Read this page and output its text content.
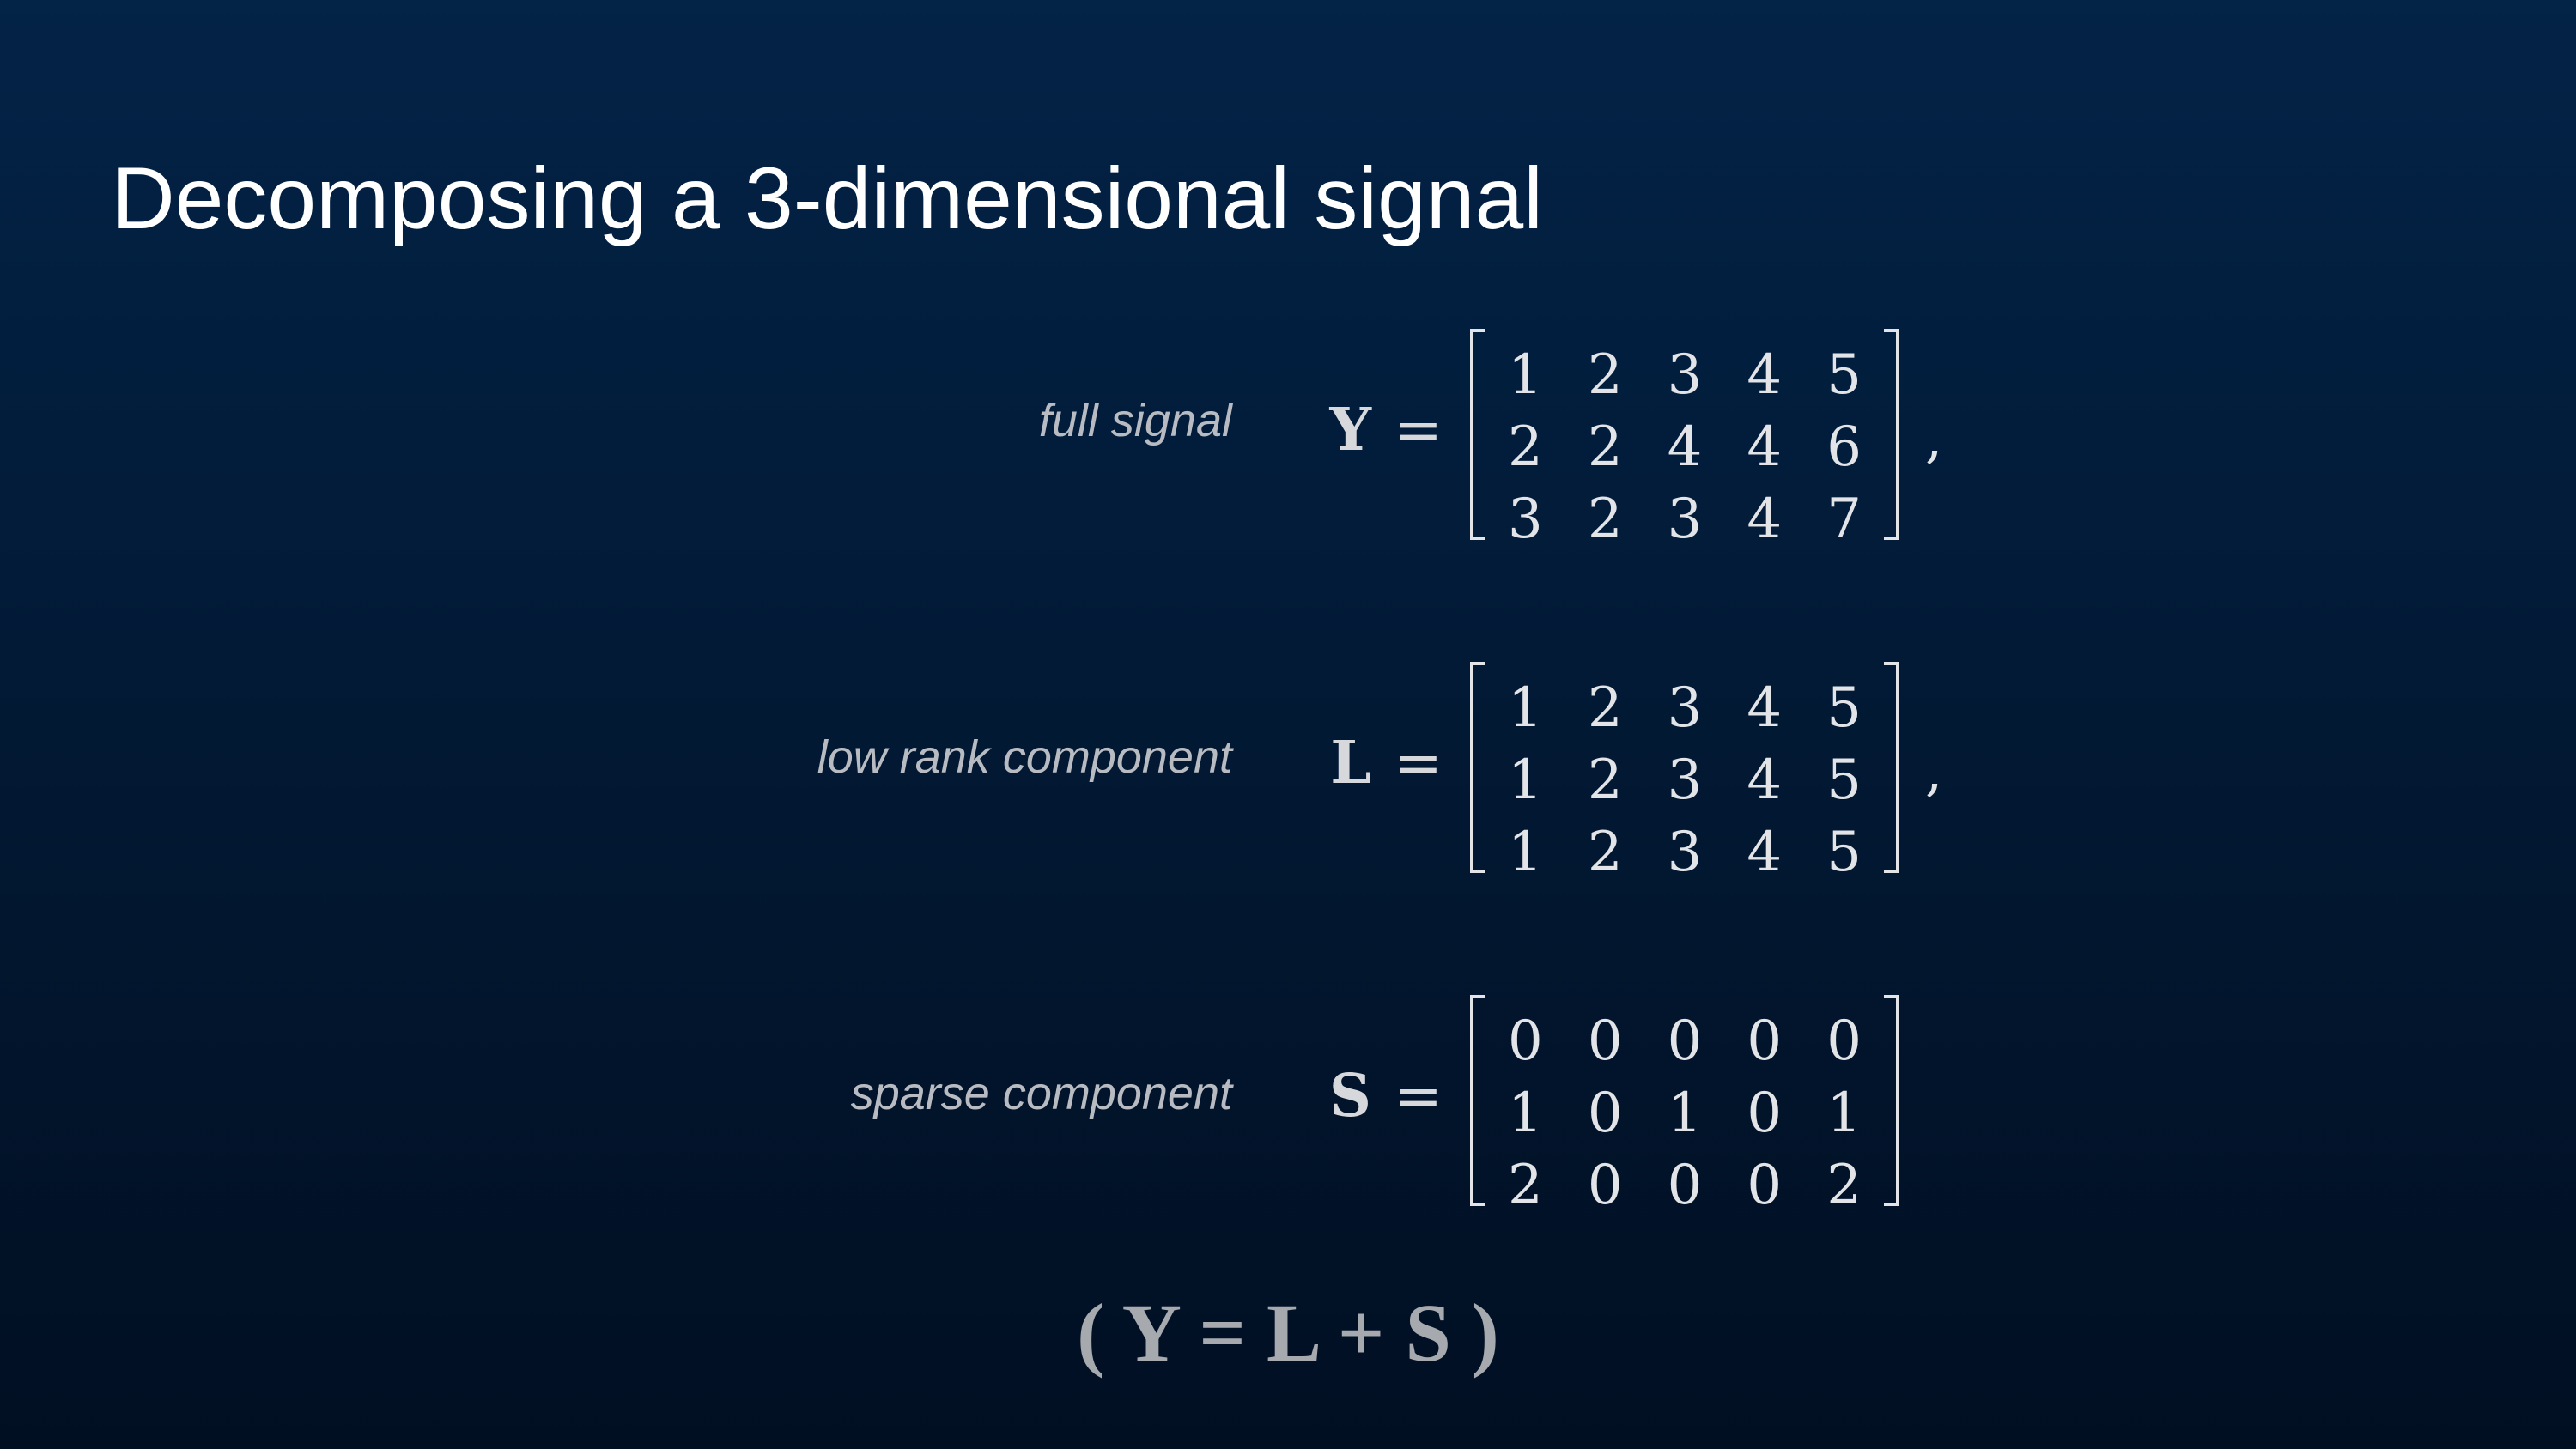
Decomposing a 3-dimensional signal
full signal Y =
1 2 3 4 5
2 2 4 4 6
3 2 3 4 7
,
low rank component L =
1 2 3 4 5
1 2 3 4 5
1 2 3 4 5
,
sparse component S =
0 0 0 0 0
1 0 1 0 1
2 0 0 0 2
( Y = L + S )
